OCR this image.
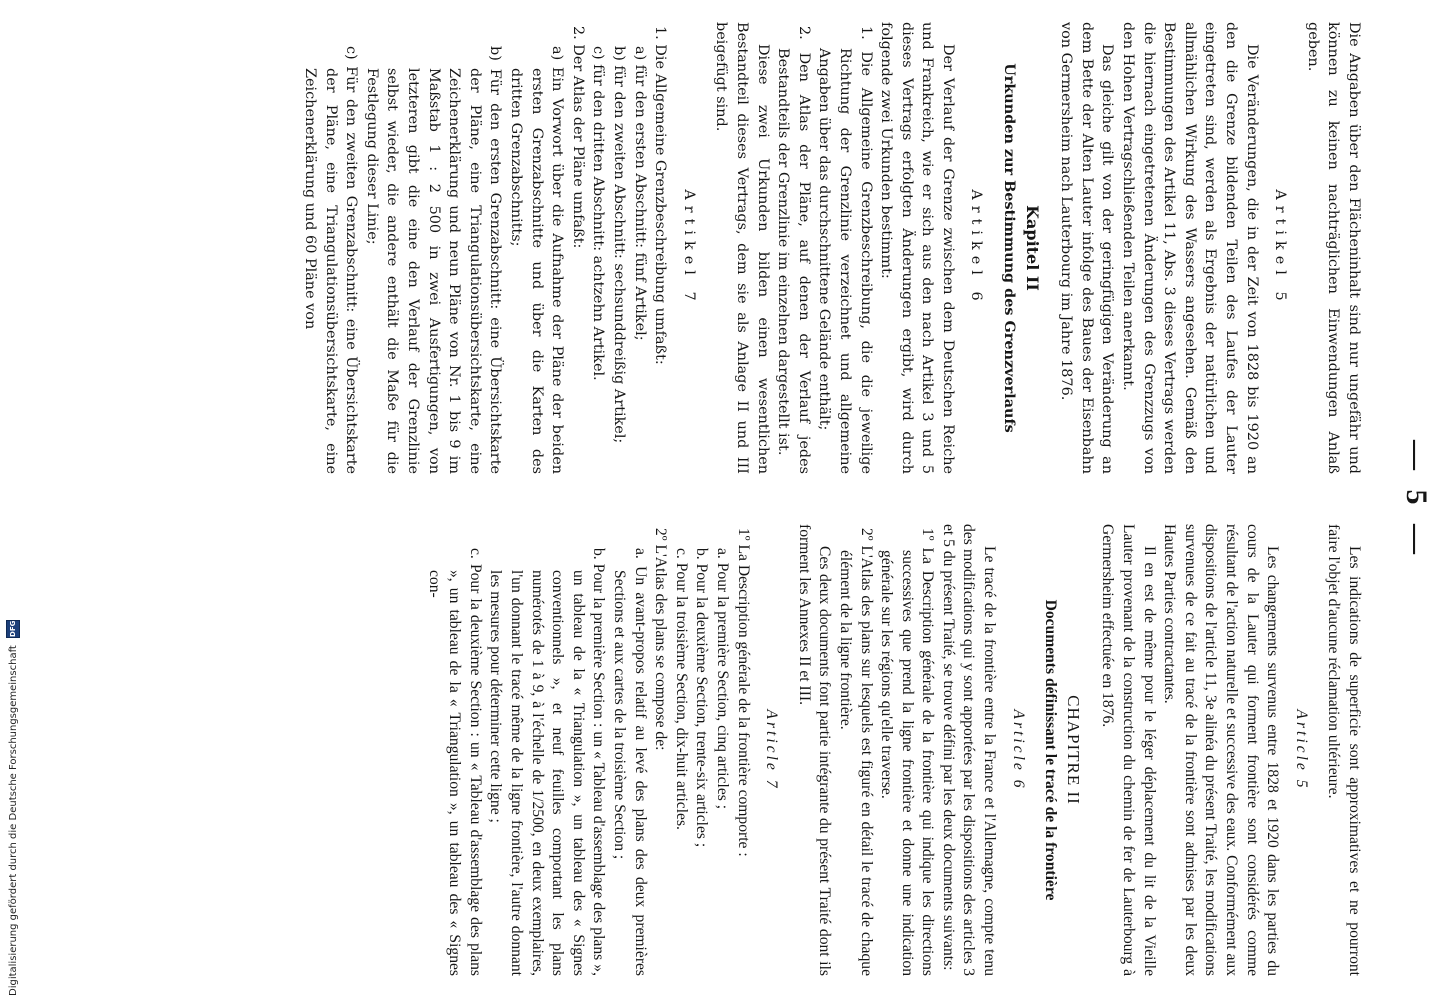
— 5 —

Die Angaben über den Flächeninhalt sind nur ungefähr und können zu keinen nachträglichen Einwendungen Anlaß geben.

Artikel 5

Die Veränderungen, die in der Zeit von 1828 bis 1920 an den die Grenze bildenden Teilen des Laufes der Lauter eingetreten sind, werden als Ergebnis der natürlichen und allmählichen Wirkung des Wassers angesehen. Gemäß den Bestimmungen des Artikel 11, Abs. 3 dieses Vertrags werden die hiernach eingetretenen Änderungen des Grenzzugs von den Hohen Vertragschließenden Teilen anerkannt.

Das gleiche gilt von der geringfügigen Veränderung an dem Bette der Alten Lauter infolge des Baues der Eisenbahn von Germersheim nach Lauterbourg im Jahre 1876.

Kapitel II
Urkunden zur Bestimmung des Grenzverlaufs
Artikel 6

Der Verlauf der Grenze zwischen dem Deutschen Reiche und Frankreich, wie er sich aus den nach Artikel 3 und 5 dieses Vertrags erfolgten Änderungen ergibt, wird durch folgende zwei Urkunden bestimmt:

1. Die Allgemeine Grenzbeschreibung, die die jeweilige Richtung der Grenzlinie verzeichnet und allgemeine Angaben über das durchschnittene Gelände enthält;

2. Den Atlas der Pläne, auf denen der Verlauf jedes Bestandteils der Grenzlinie im einzelnen dargestellt ist.

Diese zwei Urkunden bilden einen wesentlichen Bestandteil dieses Vertrags, dem sie als Anlage II und III beigefügt sind.

Artikel 7

1. Die Allgemeine Grenzbeschreibung umfaßt:

a) für den ersten Abschnitt: fünf Artikel;

b) für den zweiten Abschnitt: sechsunddreißig Artikel;

c) für den dritten Abschnitt: achtzehn Artikel.

2. Der Atlas der Pläne umfaßt:

a) Ein Vorwort über die Aufnahme der Pläne der beiden ersten Grenzabschnitte und über die Karten des dritten Grenzabschnitts;

b) Für den ersten Grenzabschnitt: eine Übersichtskarte der Pläne, eine Triangulationsübersichtskarte, eine Zeichenerklärung und neun Pläne von Nr. 1 bis 9 im Maßstab 1 : 2 500 in zwei Ausfertigungen, von letzteren gibt die eine den Verlauf der Grenzlinie selbst wieder, die andere enthält die Maße für die Festlegung dieser Linie;

c) Für den zweiten Grenzabschnitt: eine Übersichtskarte der Pläne, eine Triangulationsübersichtskarte, eine Zeichenerklärung und 60 Pläne von

Les indications de superficie sont approximatives et ne pourront faire l'objet d'aucune réclamation ultérieure.

Article 5

Les changements survenus entre 1828 et 1920 dans les parties du cours de la Lauter qui forment frontière sont considérés comme résultant de l'action naturelle et successive des eaux. Conformément aux dispositions de l'article 11, 3e alinéa du présent Traité, les modifications survenues de ce fait au tracé de la frontière sont admises par les deux Hautes Parties contractantes.

Il en est de même pour le léger déplacement du lit de la Vieille Lauter provenant de la construction du chemin de fer de Lauterbourg à Germersheim effectuée en 1876.

CHAPITRE II
Documents définissant le tracé de la frontière
Article 6

Le tracé de la frontière entre la France et l'Allemagne, compte tenu des modifications qui y sont apportées par les dispositions des articles 3 et 5 du présent Traité, se trouve défini par les deux documents suivants:

1º La Description générale de la frontière qui indique les directions successives que prend la ligne frontière et donne une indication générale sur les régions qu'elle traverse.

2º L'Atlas des plans sur lesquels est figuré en détail le tracé de chaque élément de la ligne frontière.

Ces deux documents font partie intégrante du présent Traité dont ils forment les Annexes II et III.

Article 7

1º La Description générale de la frontière comporte :

a. Pour la première Section, cinq articles ;

b. Pour la deuxième Section, trente-six articles ;

c. Pour la troisième Section, dix-huit articles.

2º L'Atlas des plans se compose de:

a. Un avant-propos relatif au levé des plans des deux premières Sections et aux cartes de la troisième Section ;

b. Pour la première Section : un « Tableau d'assemblage des plans », un tableau de la « Triangulation », un tableau des « Signes conventionnels », et neuf feuilles comportant les plans numérotés de 1 à 9, à l'échelle de 1/2500, en deux exemplaires, l'un donnant le tracé même de la ligne frontière, l'autre donnant les mesures pour déterminer cette ligne ;

c. Pour la deuxième Section : un « Tableau d'assemblage des plans », un tableau de la « Triangulation », un tableau des « Signes con-

Digitalisierung gefördert durch die Deutsche Forschungsgemeinschaft DFG
